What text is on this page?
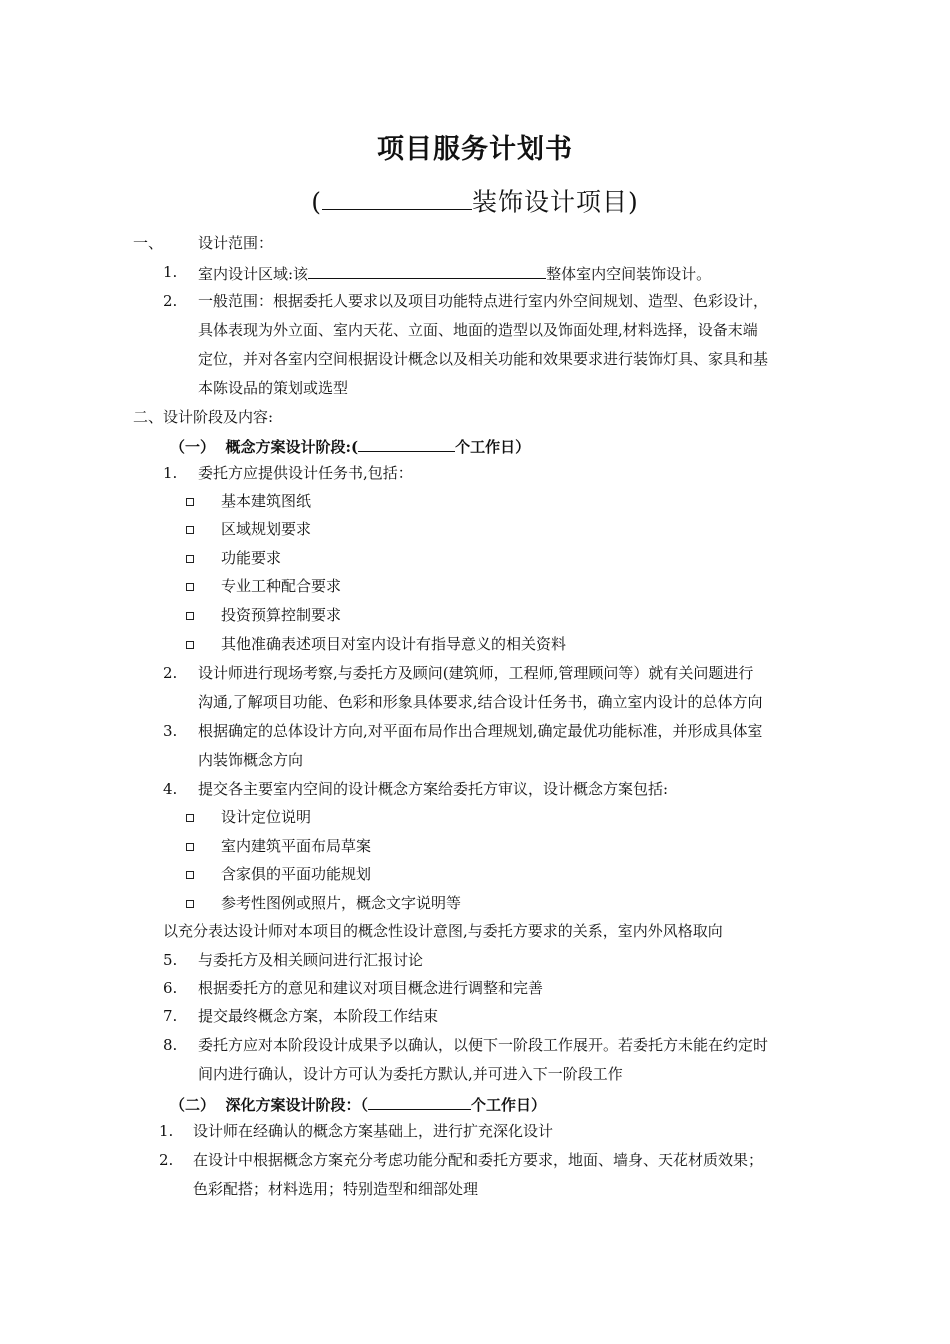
项目服务计划书
(	装饰设计项目)
一、 设计范围：
1. 室内设计区域:该	整体室内空间装饰设计。
2. 一般范围：根据委托人要求以及项目功能特点进行室内外空间规划、造型、色彩设计，
具体表现为外立面、室内天花、立面、地面的造型以及饰面处理,材料选择，设备末端
定位，并对各室内空间根据设计概念以及相关功能和效果要求进行装饰灯具、家具和基
本陈设品的策划或选型
二、设计阶段及内容:
（一） 概念方案设计阶段:(	个工作日）
1. 委托方应提供设计任务书,包括：
基本建筑图纸
区域规划要求
功能要求
专业工种配合要求
投资预算控制要求
其他准确表述项目对室内设计有指导意义的相关资料
2. 设计师进行现场考察,与委托方及顾问(建筑师，工程师,管理顾问等）就有关问题进行
沟通,了解项目功能、色彩和形象具体要求,结合设计任务书，确立室内设计的总体方向
3. 根据确定的总体设计方向,对平面布局作出合理规划,确定最优功能标准，并形成具体室
内装饰概念方向
4. 提交各主要室内空间的设计概念方案给委托方审议，设计概念方案包括:
设计定位说明
室内建筑平面布局草案
含家俱的平面功能规划
参考性图例或照片，概念文字说明等
以充分表达设计师对本项目的概念性设计意图,与委托方要求的关系，室内外风格取向
5. 与委托方及相关顾问进行汇报讨论
6. 根据委托方的意见和建议对项目概念进行调整和完善
7. 提交最终概念方案，本阶段工作结束
8. 委托方应对本阶段设计成果予以确认，以便下一阶段工作展开。若委托方未能在约定时
间内进行确认，设计方可认为委托方默认,并可进入下一阶段工作
（二） 深化方案设计阶段：（	个工作日）
1. 设计师在经确认的概念方案基础上，进行扩充深化设计
2. 在设计中根据概念方案充分考虑功能分配和委托方要求，地面、墙身、天花材质效果；
色彩配搭；材料选用；特别造型和细部处理
